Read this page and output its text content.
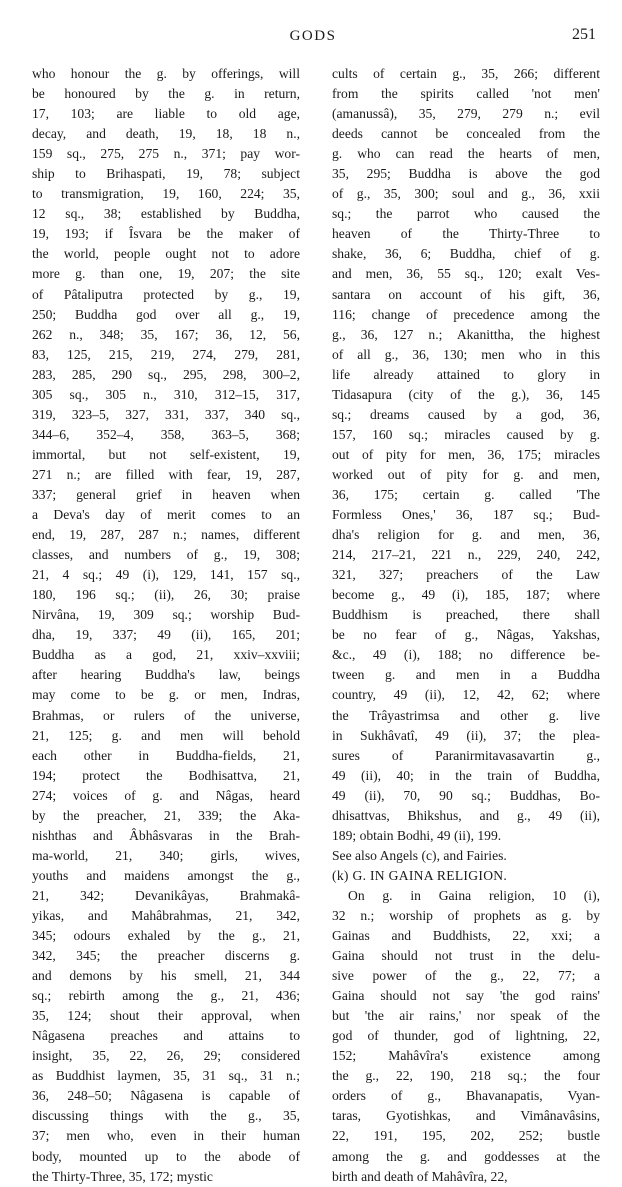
GODS	251
who honour the g. by offerings, will
be honoured by the g. in return,
17, 103; are liable to old age,
decay, and death, 19, 18, 18 n.,
159 sq., 275, 275 n., 371; pay wor-
ship to Brihaspati, 19, 78; subject
to transmigration, 19, 160, 224; 35,
12 sq., 38; established by Buddha,
19, 193; if Îsvara be the maker of
the world, people ought not to adore
more g. than one, 19, 207; the site
of Pâtaliputra protected by g., 19,
250; Buddha god over all g., 19,
262 n., 348; 35, 167; 36, 12, 56,
83, 125, 215, 219, 274, 279, 281,
283, 285, 290 sq., 295, 298, 300–2,
305 sq., 305 n., 310, 312–15, 317,
319, 323–5, 327, 331, 337, 340 sq.,
344–6, 352–4, 358, 363–5, 368;
immortal, but not self-existent, 19,
271 n.; are filled with fear, 19, 287,
337; general grief in heaven when
a Deva's day of merit comes to an
end, 19, 287, 287 n.; names, different
classes, and numbers of g., 19, 308;
21, 4 sq.; 49 (i), 129, 141, 157 sq.,
180, 196 sq.; (ii), 26, 30; praise
Nirvâna, 19, 309 sq.; worship Bud-
dha, 19, 337; 49 (ii), 165, 201;
Buddha as a god, 21, xxiv–xxviii;
after hearing Buddha's law, beings
may come to be g. or men, Indras,
Brahmas, or rulers of the universe,
21, 125; g. and men will behold
each other in Buddha-fields, 21,
194; protect the Bodhisattva, 21,
274; voices of g. and Nâgas, heard
by the preacher, 21, 339; the Aka-
nishthas and Âbhâsvaras in the Brah-
ma-world, 21, 340; girls, wives,
youths and maidens amongst the g.,
21, 342; Devanikâyas, Brahmakâ-
yikas, and Mahâbrahmas, 21, 342,
345; odours exhaled by the g., 21,
342, 345; the preacher discerns g.
and demons by his smell, 21, 344
sq.; rebirth among the g., 21, 436;
35, 124; shout their approval, when
Nâgasena preaches and attains to
insight, 35, 22, 26, 29; considered
as Buddhist laymen, 35, 31 sq., 31 n.;
36, 248–50; Nâgasena is capable of
discussing things with the g., 35,
37; men who, even in their human
body, mounted up to the abode of
the Thirty-Three, 35, 172; mystic
cults of certain g., 35, 266; different
from the spirits called 'not men'
(amanussâ), 35, 279, 279 n.; evil
deeds cannot be concealed from the
g. who can read the hearts of men,
35, 295; Buddha is above the god
of g., 35, 300; soul and g., 36, xxii
sq.; the parrot who caused the
heaven of the Thirty-Three to
shake, 36, 6; Buddha, chief of g.
and men, 36, 55 sq., 120; exalt Ves-
santara on account of his gift, 36,
116; change of precedence among the
g., 36, 127 n.; Akanittha, the highest
of all g., 36, 130; men who in this
life already attained to glory in
Tidasapura (city of the g.), 36, 145
sq.; dreams caused by a god, 36,
157, 160 sq.; miracles caused by g.
out of pity for men, 36, 175; miracles
worked out of pity for g. and men,
36, 175; certain g. called 'The
Formless Ones,' 36, 187 sq.; Bud-
dha's religion for g. and men, 36,
214, 217–21, 221 n., 229, 240, 242,
321, 327; preachers of the Law
become g., 49 (i), 185, 187; where
Buddhism is preached, there shall
be no fear of g., Nâgas, Yakshas,
&c., 49 (i), 188; no difference be-
tween g. and men in a Buddha
country, 49 (ii), 12, 42, 62; where
the Trâyastrimsa and other g. live
in Sukhâvatî, 49 (ii), 37; the plea-
sures of Paranirmitavasavartin g.,
49 (ii), 40; in the train of Buddha,
49 (ii), 70, 90 sq.; Buddhas, Bo-
dhisattvas, Bhikshus, and g., 49 (ii),
189; obtain Bodhi, 49 (ii), 199.
See also Angels (c), and Fairies.
(k) G. IN GAINA RELIGION.
On g. in Gaina religion, 10 (i),
32 n.; worship of prophets as g. by
Gainas and Buddhists, 22, xxi; a
Gaina should not trust in the delu-
sive power of the g., 22, 77; a
Gaina should not say 'the god rains'
but 'the air rains,' nor speak of the
god of thunder, god of lightning, 22,
152; Mahâvîra's existence among
the g., 22, 190, 218 sq.; the four
orders of g., Bhavanapatis, Vyan-
taras, Gyotishkas, and Vimânavâsins,
22, 191, 195, 202, 252; bustle
among the g. and goddesses at the
birth and death of Mahâvîra, 22,
